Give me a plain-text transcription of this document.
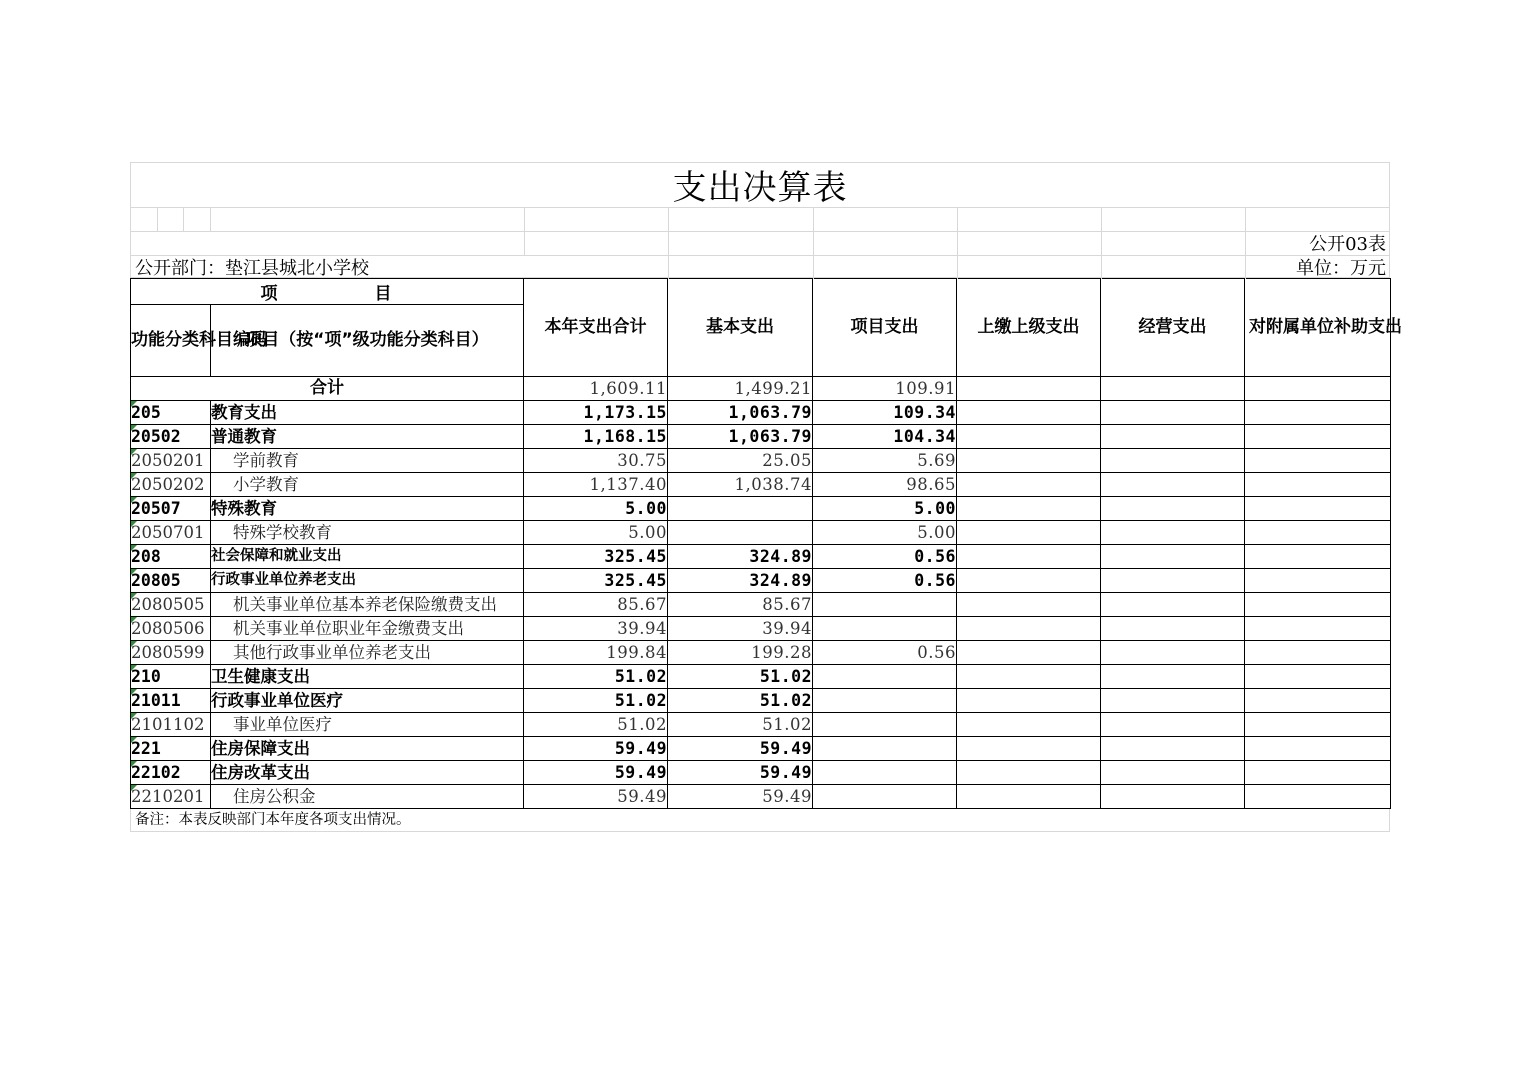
支出决算表
公开03表
公开部门：垫江县城北小学校	单位：万元
项　　　　　目		本年支出合计	基本支出	项目支出	上缴上级支出	经营支出	对附属单位补助支出
功能分类科目编码	项目（按“项”级功能分类科目）						
合计		1,609.11	1,499.21	109.91			
205	教育支出	1,173.15	1,063.79	109.34			
20502	普通教育	1,168.15	1,063.79	104.34			
2050201	学前教育	30.75	25.05	5.69			
2050202	小学教育	1,137.40	1,038.74	98.65			
20507	特殊教育	5.00		5.00			
2050701	特殊学校教育	5.00		5.00			
208	社会保障和就业支出	325.45	324.89	0.56			
20805	行政事业单位养老支出	325.45	324.89	0.56			
2080505	机关事业单位基本养老保险缴费支出	85.67	85.67				
2080506	机关事业单位职业年金缴费支出	39.94	39.94				
2080599	其他行政事业单位养老支出	199.84	199.28	0.56			
210	卫生健康支出	51.02	51.02				
21011	行政事业单位医疗	51.02	51.02				
2101102	事业单位医疗	51.02	51.02				
221	住房保障支出	59.49	59.49				
22102	住房改革支出	59.49	59.49				
2210201	住房公积金	59.49	59.49				
备注：本表反映部门本年度各项支出情况。
